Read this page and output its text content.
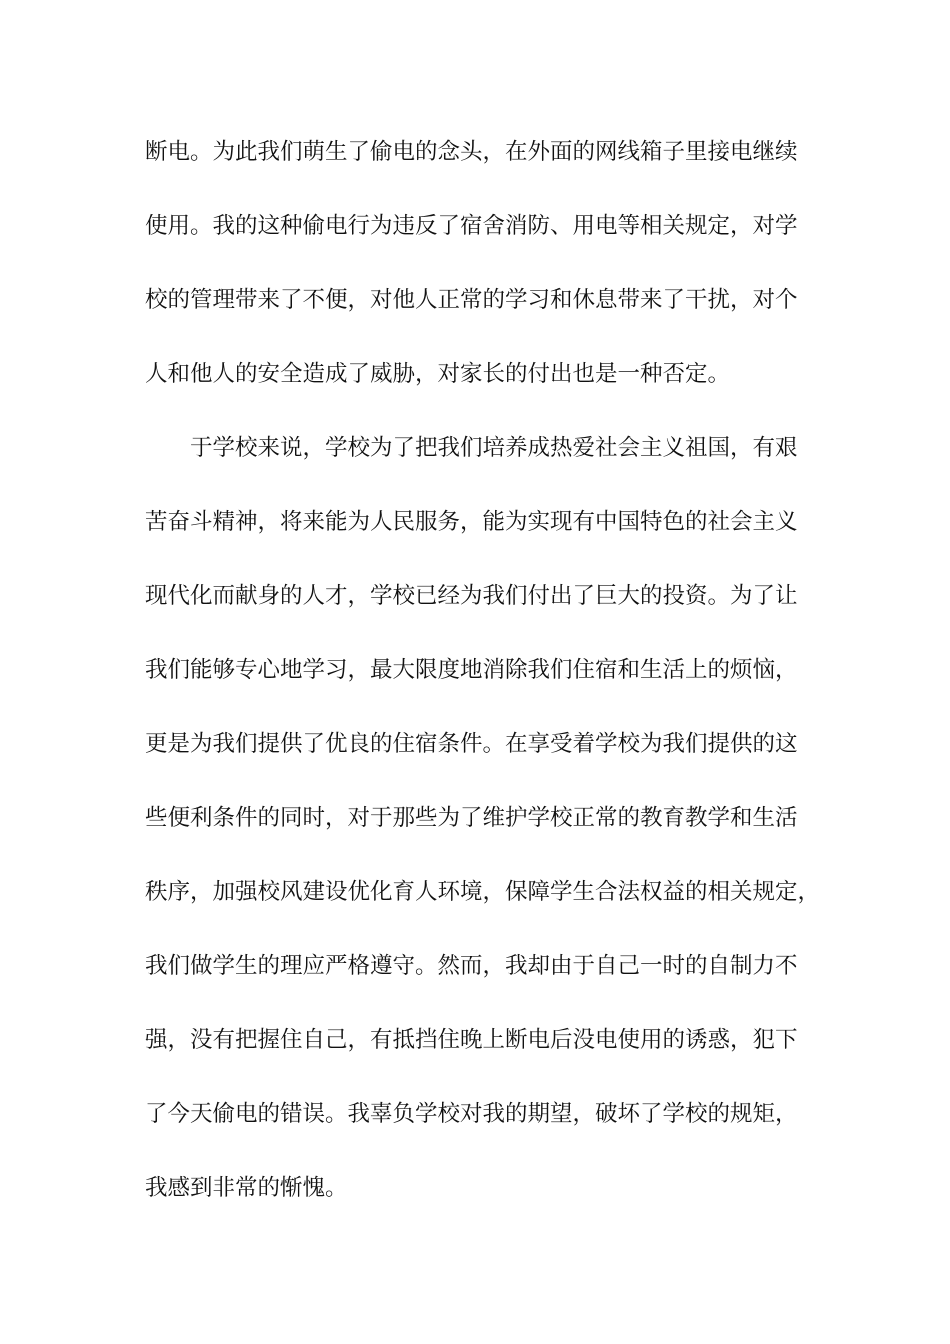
断电。为此我们萌生了偷电的念头，在外面的网线箱子里接电继续
使用。我的这种偷电行为违反了宿舍消防、用电等相关规定，对学
校的管理带来了不便，对他人正常的学习和休息带来了干扰，对个
人和他人的安全造成了威胁，对家长的付出也是一种否定。
于学校来说，学校为了把我们培养成热爱社会主义祖国，有艰
苦奋斗精神，将来能为人民服务，能为实现有中国特色的社会主义
现代化而献身的人才，学校已经为我们付出了巨大的投资。为了让
我们能够专心地学习，最大限度地消除我们住宿和生活上的烦恼，
更是为我们提供了优良的住宿条件。在享受着学校为我们提供的这
些便利条件的同时，对于那些为了维护学校正常的教育教学和生活
秩序，加强校风建设优化育人环境，保障学生合法权益的相关规定，
我们做学生的理应严格遵守。然而，我却由于自己一时的自制力不
强，没有把握住自己，有抵挡住晚上断电后没电使用的诱惑，犯下
了今天偷电的错误。我辜负学校对我的期望，破坏了学校的规矩，
我感到非常的惭愧。
